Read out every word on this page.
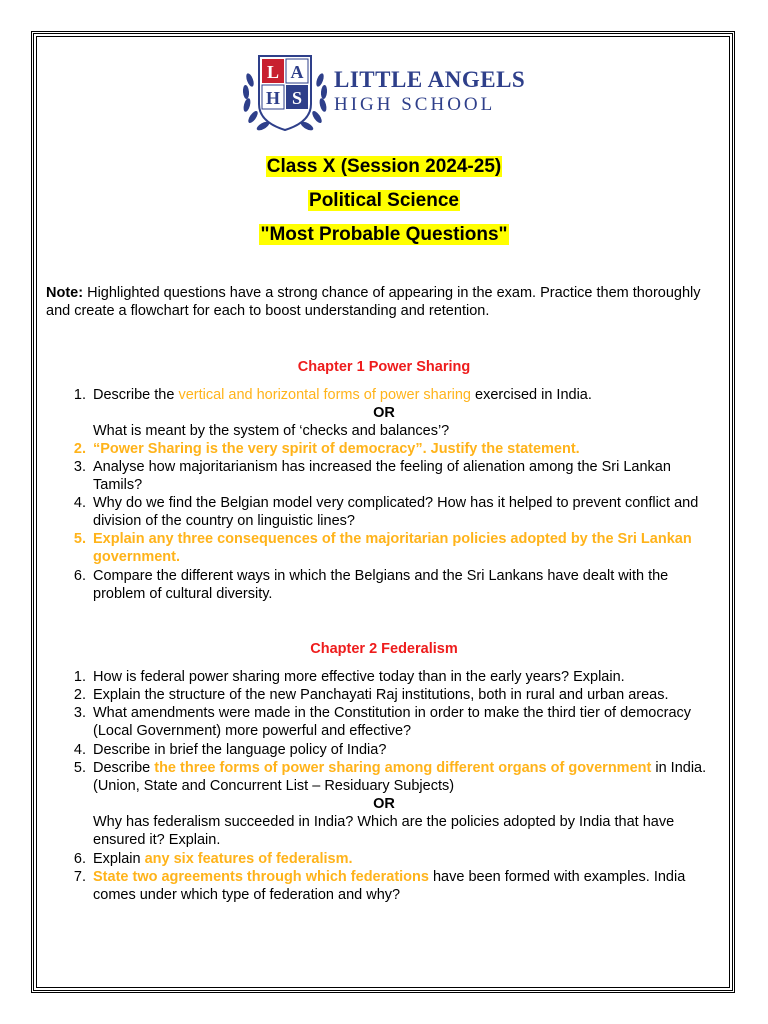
L A
H S
LITTLE ANGELS
HIGH SCHOOL
Class X (Session 2024-25)
Political Science
"Most Probable Questions"
Note: Highlighted questions have a strong chance of appearing in the exam. Practice them thoroughly and create a flowchart for each to boost understanding and retention.
Chapter 1 Power Sharing
1. Describe the vertical and horizontal forms of power sharing exercised in India.
OR
What is meant by the system of ‘checks and balances’?
2. “Power Sharing is the very spirit of democracy”. Justify the statement.
3. Analyse how majoritarianism has increased the feeling of alienation among the Sri Lankan Tamils?
4. Why do we find the Belgian model very complicated? How has it helped to prevent conflict and division of the country on linguistic lines?
5. Explain any three consequences of the majoritarian policies adopted by the Sri Lankan government.
6. Compare the different ways in which the Belgians and the Sri Lankans have dealt with the problem of cultural diversity.
Chapter 2 Federalism
1. How is federal power sharing more effective today than in the early years? Explain.
2. Explain the structure of the new Panchayati Raj institutions, both in rural and urban areas.
3. What amendments were made in the Constitution in order to make the third tier of democracy (Local Government) more powerful and effective?
4. Describe in brief the language policy of India?
5. Describe the three forms of power sharing among different organs of government in India. (Union, State and Concurrent List – Residuary Subjects)
OR
Why has federalism succeeded in India? Which are the policies adopted by India that have ensured it? Explain.
6. Explain any six features of federalism.
7. State two agreements through which federations have been formed with examples. India comes under which type of federation and why?
